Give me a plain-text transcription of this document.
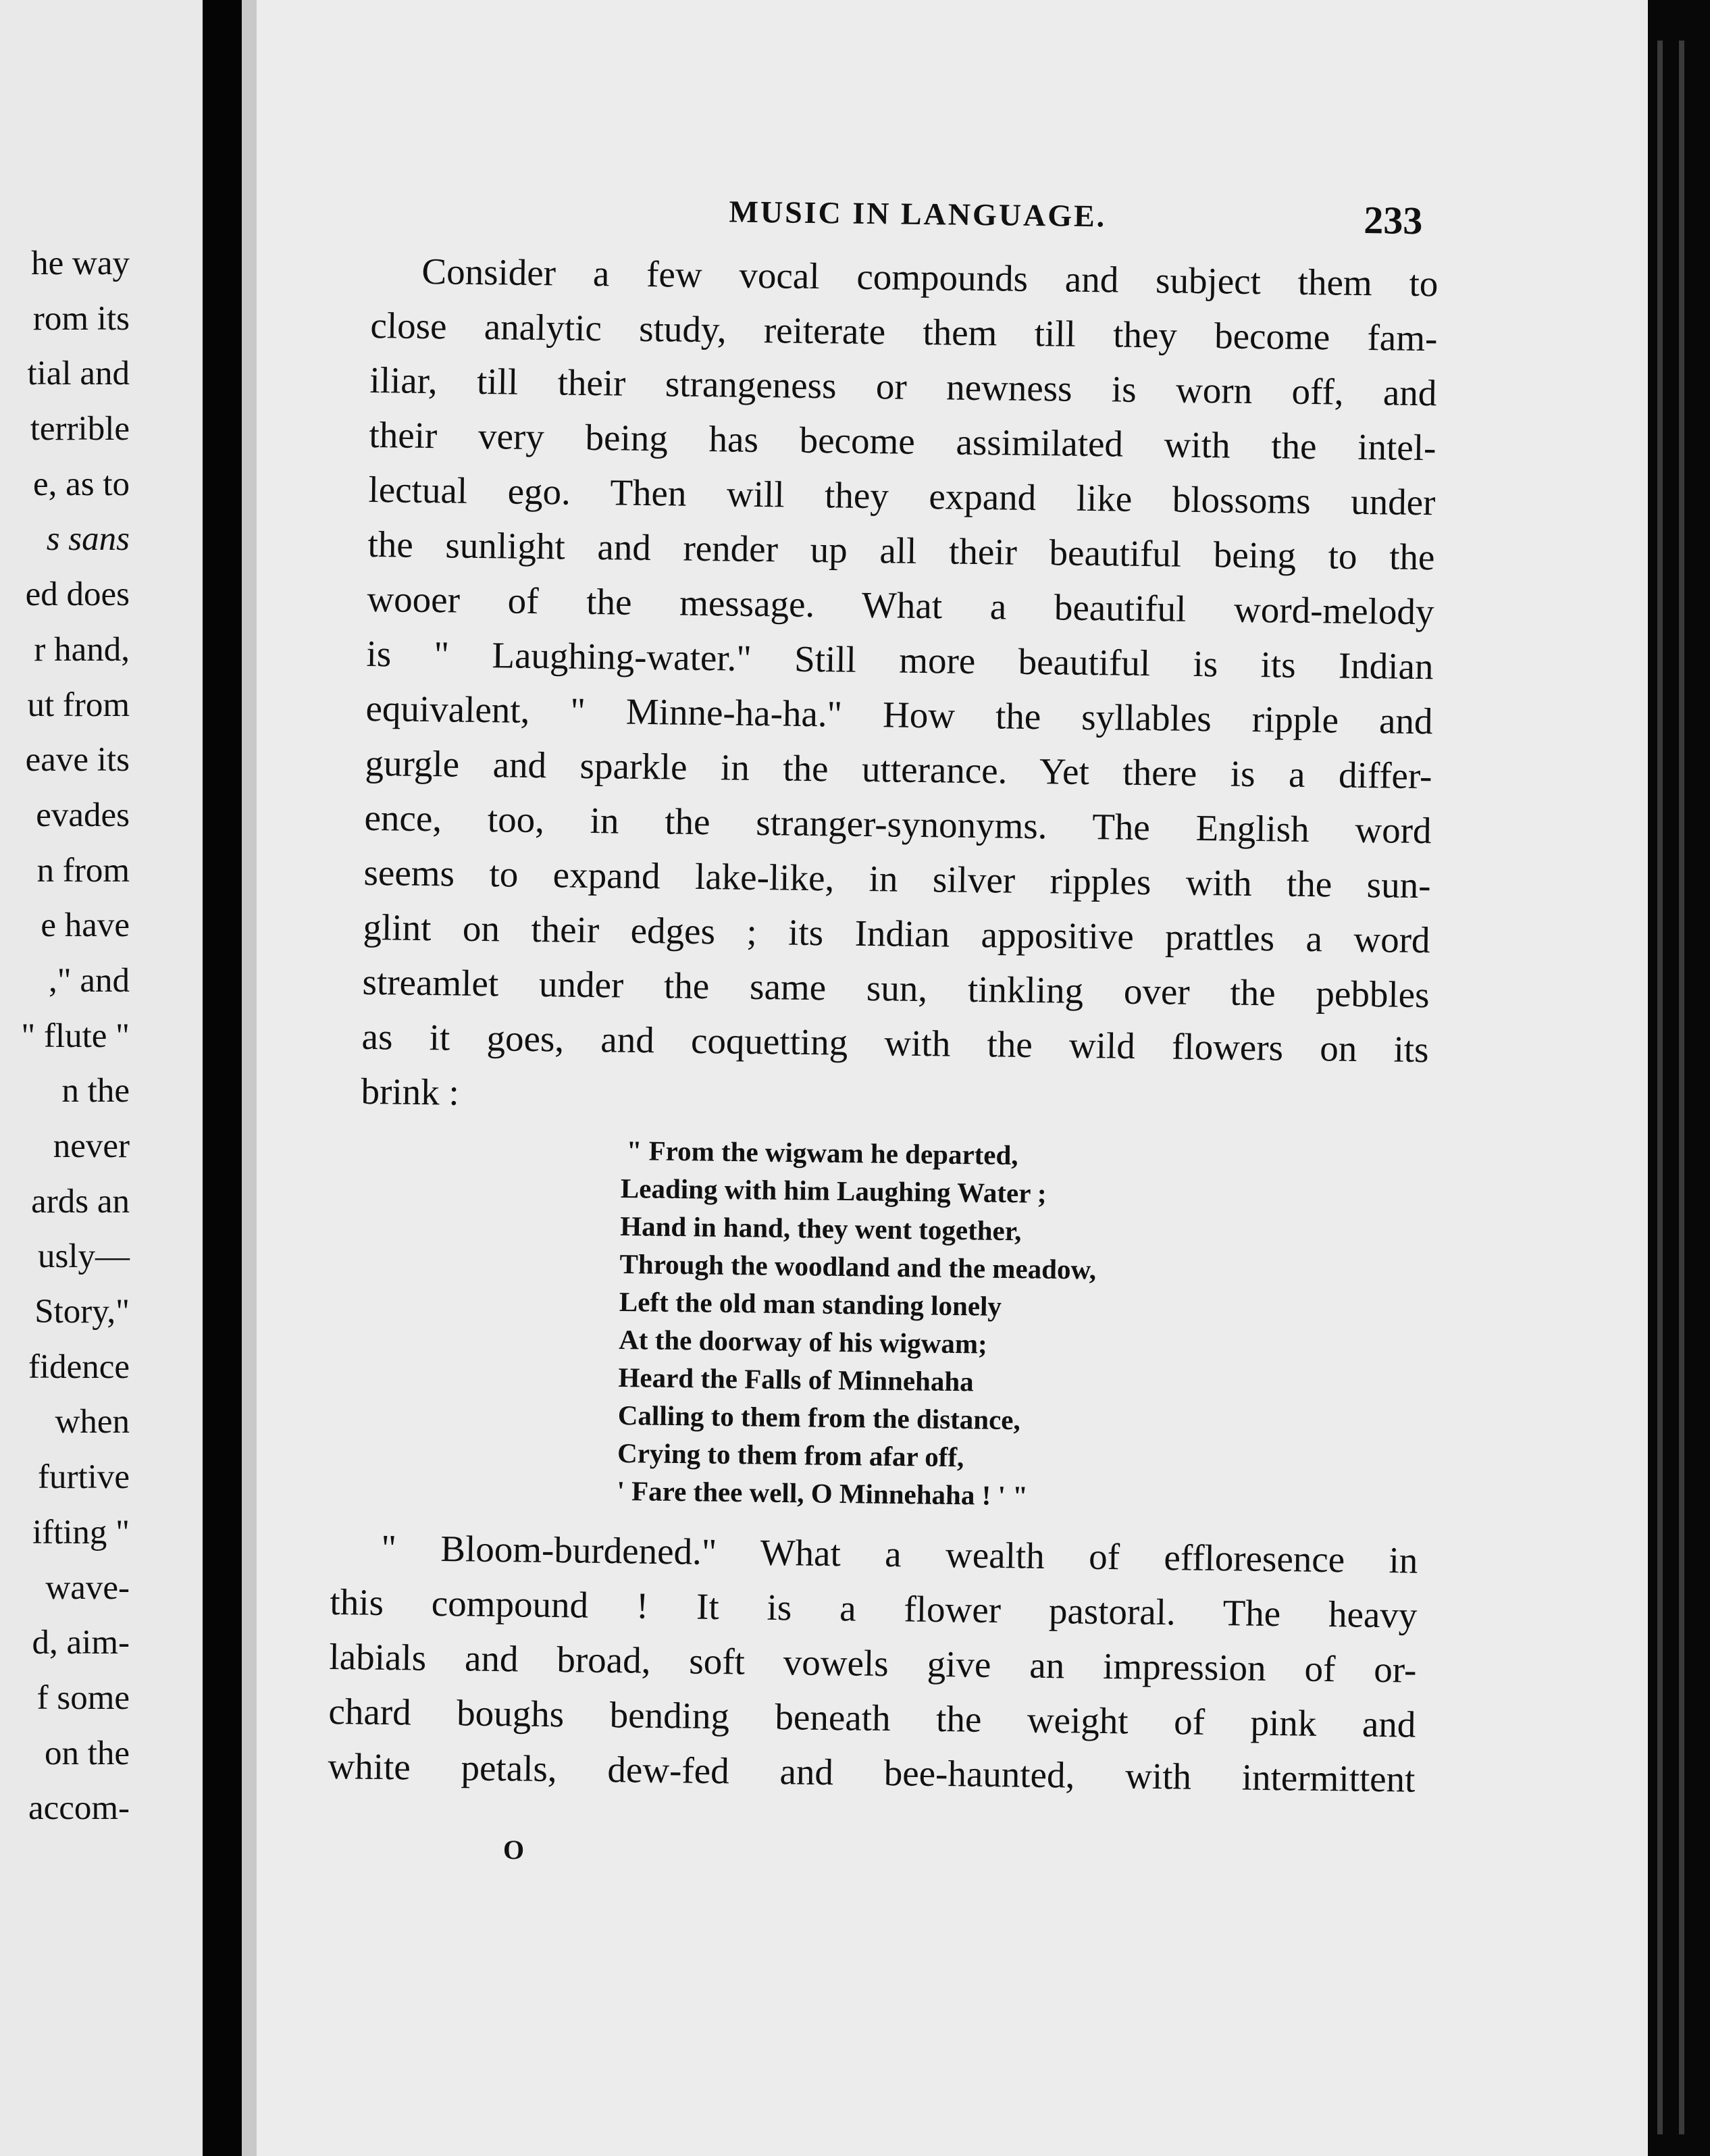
he way
rom its
tial and
terrible
e, as to
s sans
ed does
r hand,
ut from
eave its
evades
n from
e have
," and
" flute "
n the
never
ards an
usly—
Story,"
fidence
when
furtive
ifting "
wave-
d, aim-
f some
on the
accom-
MUSIC IN LANGUAGE.	233
Consider a few vocal compounds and subject them to
close analytic study, reiterate them till they become fam-
iliar, till their strangeness or newness is worn off, and
their very being has become assimilated with the intel-
lectual ego. Then will they expand like blossoms under
the sunlight and render up all their beautiful being to the
wooer of the message. What a beautiful word-melody
is " Laughing-water." Still more beautiful is its Indian
equivalent, " Minne-ha-ha." How the syllables ripple and
gurgle and sparkle in the utterance. Yet there is a differ-
ence, too, in the stranger-synonyms. The English word
seems to expand lake-like, in silver ripples with the sun-
glint on their edges ; its Indian appositive prattles a word
streamlet under the same sun, tinkling over the pebbles
as it goes, and coquetting with the wild flowers on its
brink :
" From the wigwam he departed,
Leading with him Laughing Water ;
Hand in hand, they went together,
Through the woodland and the meadow,
Left the old man standing lonely
At the doorway of his wigwam;
Heard the Falls of Minnehaha
Calling to them from the distance,
Crying to them from afar off,
' Fare thee well, O Minnehaha ! ' "
" Bloom-burdened." What a wealth of effloresence in
this compound ! It is a flower pastoral. The heavy
labials and broad, soft vowels give an impression of or-
chard boughs bending beneath the weight of pink and
white petals, dew-fed and bee-haunted, with intermittent
O
